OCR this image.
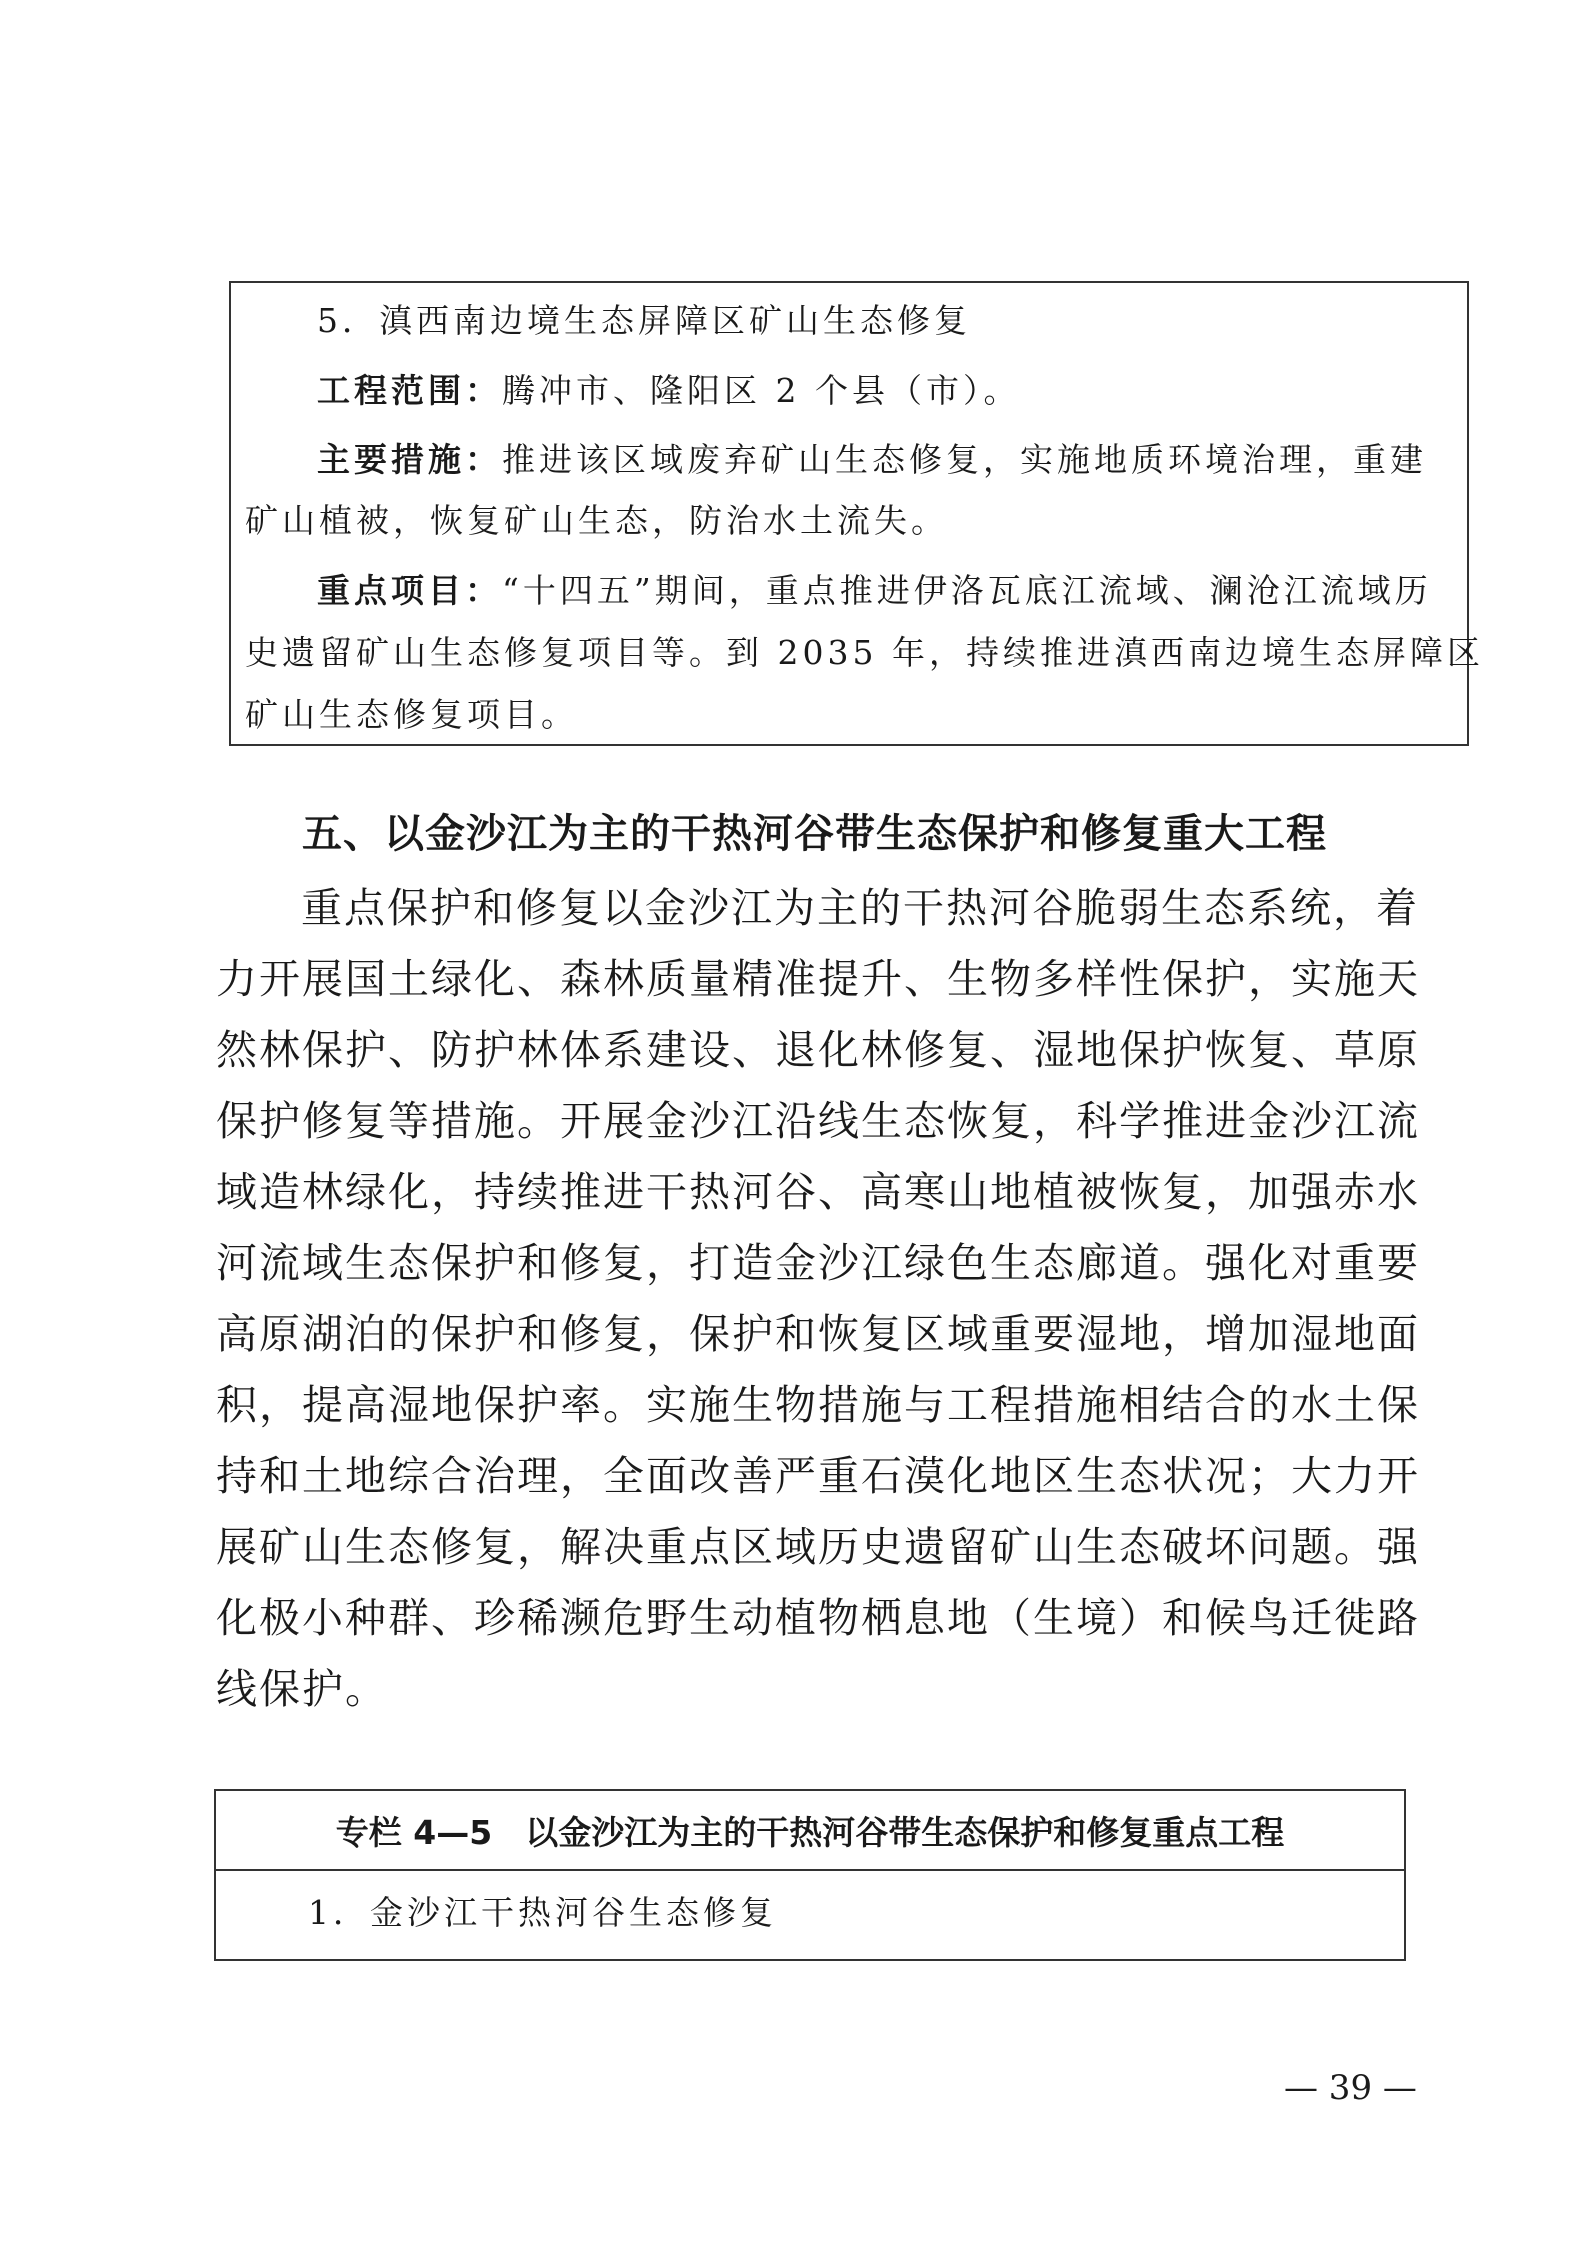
5．滇西南边境生态屏障区矿山生态修复
工程范围：腾冲市、隆阳区 2 个县（市）。
主要措施：推进该区域废弃矿山生态修复，实施地质环境治理，重建
矿山植被，恢复矿山生态，防治水土流失。
重点项目：“十四五”期间，重点推进伊洛瓦底江流域、澜沧江流域历
史遗留矿山生态修复项目等。到 2035 年，持续推进滇西南边境生态屏障区
矿山生态修复项目。
五、以金沙江为主的干热河谷带生态保护和修复重大工程
重点保护和修复以金沙江为主的干热河谷脆弱生态系统，着
力开展国土绿化、森林质量精准提升、生物多样性保护，实施天
然林保护、防护林体系建设、退化林修复、湿地保护恢复、草原
保护修复等措施。开展金沙江沿线生态恢复，科学推进金沙江流
域造林绿化，持续推进干热河谷、高寒山地植被恢复，加强赤水
河流域生态保护和修复，打造金沙江绿色生态廊道。强化对重要
高原湖泊的保护和修复，保护和恢复区域重要湿地，增加湿地面
积，提高湿地保护率。实施生物措施与工程措施相结合的水土保
持和土地综合治理，全面改善严重石漠化地区生态状况；大力开
展矿山生态修复，解决重点区域历史遗留矿山生态破坏问题。强
化极小种群、珍稀濒危野生动植物栖息地（生境）和候鸟迁徙路
线保护。
专栏 4—5　以金沙江为主的干热河谷带生态保护和修复重点工程
1．金沙江干热河谷生态修复
— 39 —
